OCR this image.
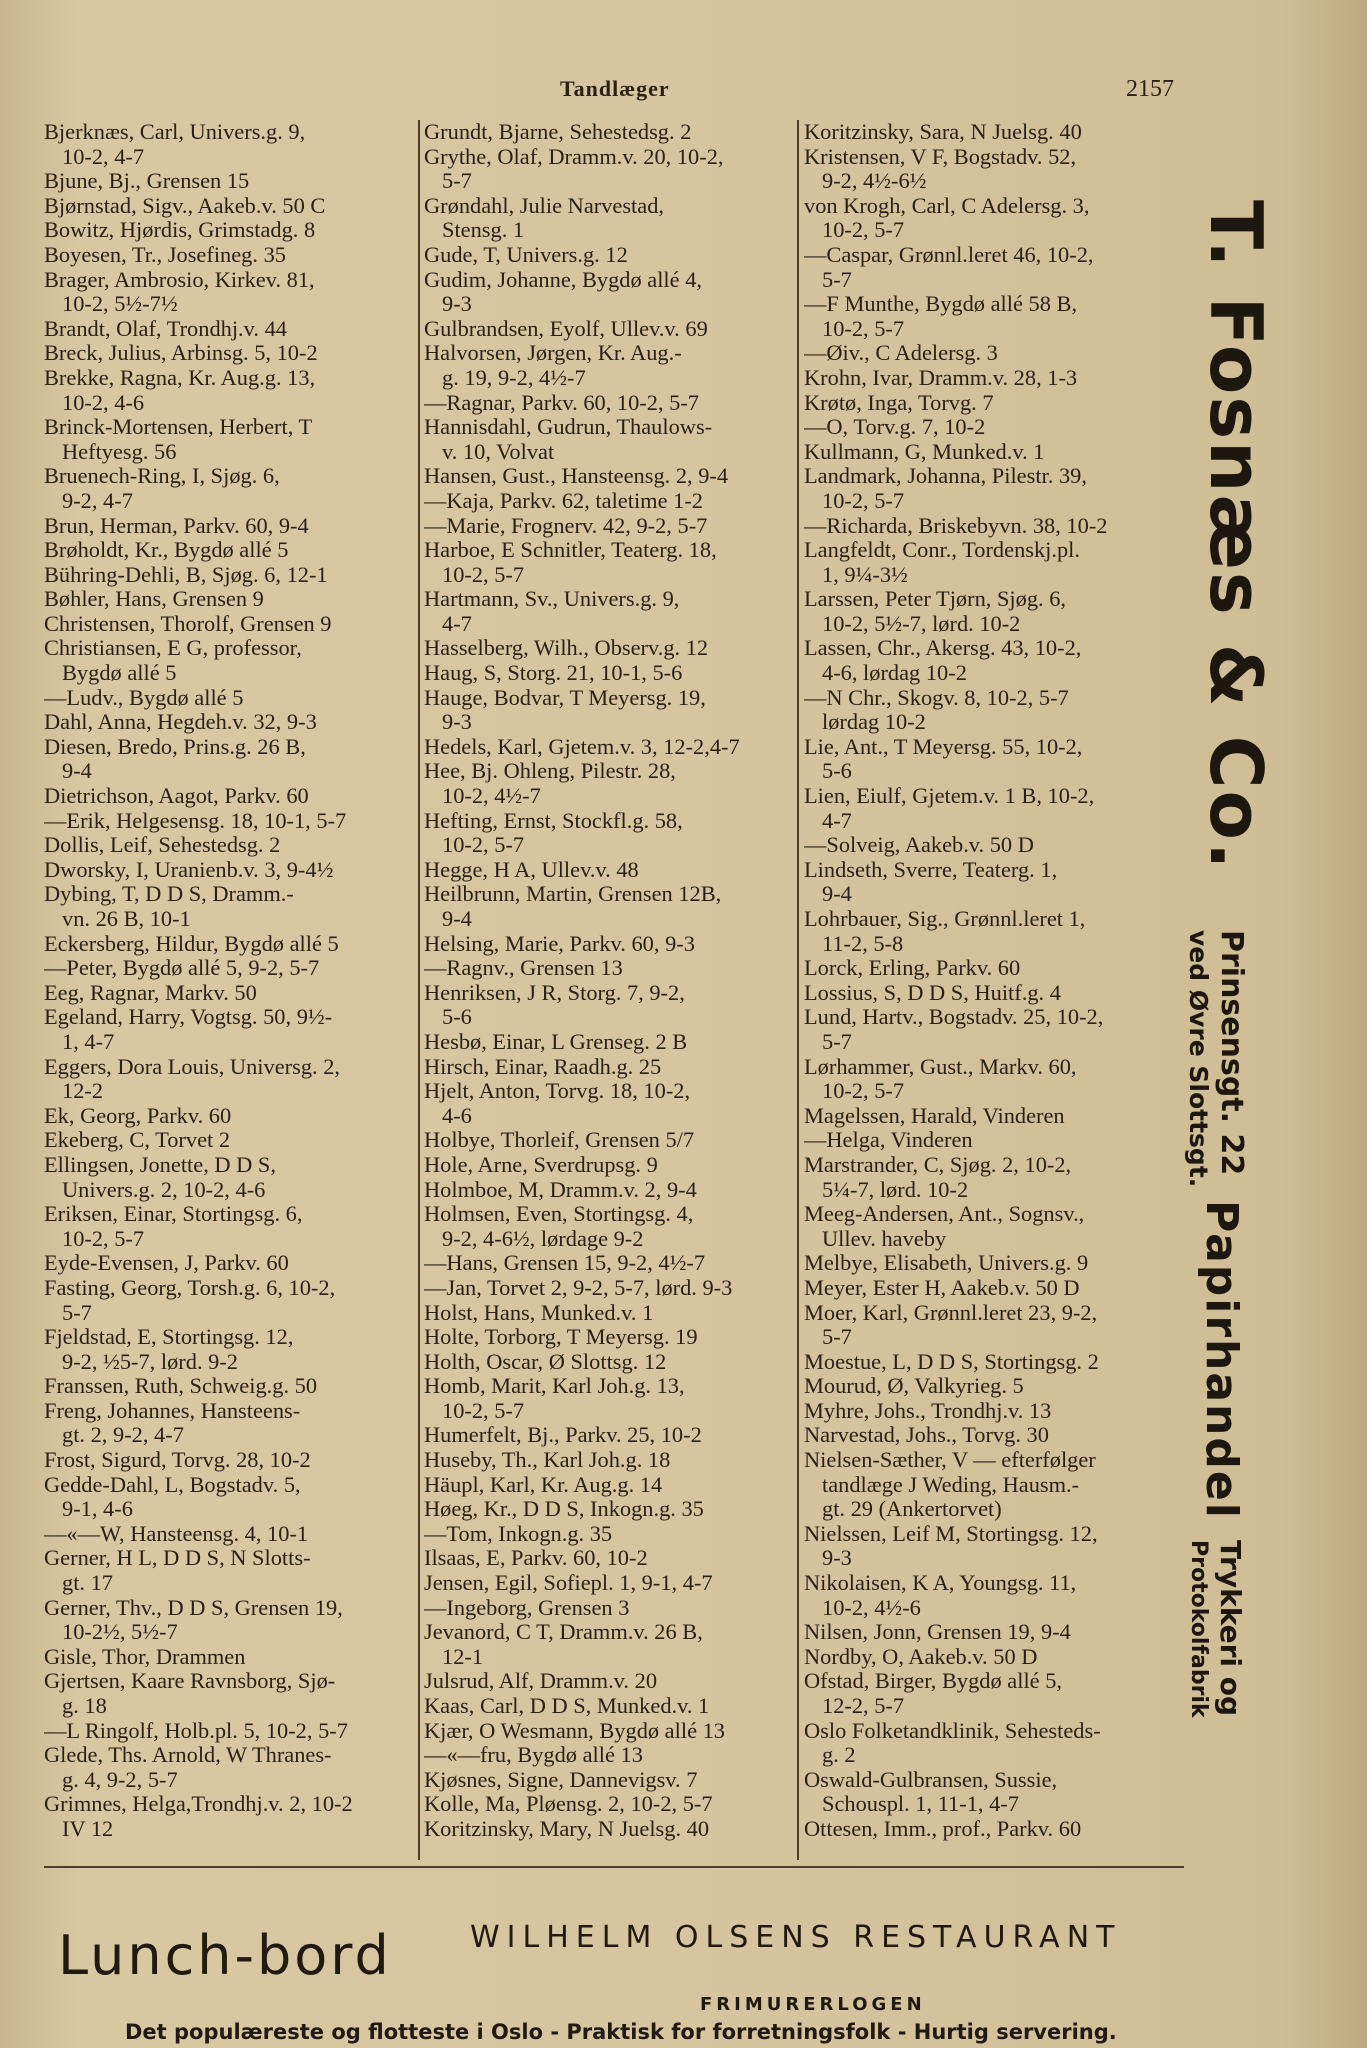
Tandlæger	2157
Bjerknæs, Carl, Univers.g. 9,
10-2, 4-7
Bjune, Bj., Grensen 15
Bjørnstad, Sigv., Aakeb.v. 50 C
Bowitz, Hjørdis, Grimstadg. 8
Boyesen, Tr., Josefineg. 35
Brager, Ambrosio, Kirkev. 81,
10-2, 5½-7½
Brandt, Olaf, Trondhj.v. 44
Breck, Julius, Arbinsg. 5, 10-2
Brekke, Ragna, Kr. Aug.g. 13,
10-2, 4-6
Brinck-Mortensen, Herbert, T
Heftyesg. 56
Bruenech-Ring, I, Sjøg. 6,
9-2, 4-7
Brun, Herman, Parkv. 60, 9-4
Brøholdt, Kr., Bygdø allé 5
Bühring-Dehli, B, Sjøg. 6, 12-1
Bøhler, Hans, Grensen 9
Christensen, Thorolf, Grensen 9
Christiansen, E G, professor,
Bygdø allé 5
—Ludv., Bygdø allé 5
Dahl, Anna, Hegdeh.v. 32, 9-3
Diesen, Bredo, Prins.g. 26 B,
9-4
Dietrichson, Aagot, Parkv. 60
—Erik, Helgesensg. 18, 10-1, 5-7
Dollis, Leif, Sehestedsg. 2
Dworsky, I, Uranienb.v. 3, 9-4½
Dybing, T, D D S, Dramm.-
vn. 26 B, 10-1
Eckersberg, Hildur, Bygdø allé 5
—Peter, Bygdø allé 5, 9-2, 5-7
Eeg, Ragnar, Markv. 50
Egeland, Harry, Vogtsg. 50, 9½-
1, 4-7
Eggers, Dora Louis, Universg. 2,
12-2
Ek, Georg, Parkv. 60
Ekeberg, C, Torvet 2
Ellingsen, Jonette, D D S,
Univers.g. 2, 10-2, 4-6
Eriksen, Einar, Stortingsg. 6,
10-2, 5-7
Eyde-Evensen, J, Parkv. 60
Fasting, Georg, Torsh.g. 6, 10-2,
5-7
Fjeldstad, E, Stortingsg. 12,
9-2, ½5-7, lørd. 9-2
Franssen, Ruth, Schweig.g. 50
Freng, Johannes, Hansteens-
gt. 2, 9-2, 4-7
Frost, Sigurd, Torvg. 28, 10-2
Gedde-Dahl, L, Bogstadv. 5,
9-1, 4-6
—«—W, Hansteensg. 4, 10-1
Gerner, H L, D D S, N Slotts-
gt. 17
Gerner, Thv., D D S, Grensen 19,
10-2½, 5½-7
Gisle, Thor, Drammen
Gjertsen, Kaare Ravnsborg, Sjø-
g. 18
—L Ringolf, Holb.pl. 5, 10-2, 5-7
Glede, Ths. Arnold, W Thranes-
g. 4, 9-2, 5-7
Grimnes, Helga,Trondhj.v. 2, 10-2
IV 12
Grundt, Bjarne, Sehestedsg. 2
Grythe, Olaf, Dramm.v. 20, 10-2,
5-7
Grøndahl, Julie Narvestad,
Stensg. 1
Gude, T, Univers.g. 12
Gudim, Johanne, Bygdø allé 4,
9-3
Gulbrandsen, Eyolf, Ullev.v. 69
Halvorsen, Jørgen, Kr. Aug.-
g. 19, 9-2, 4½-7
—Ragnar, Parkv. 60, 10-2, 5-7
Hannisdahl, Gudrun, Thaulows-
v. 10, Volvat
Hansen, Gust., Hansteensg. 2, 9-4
—Kaja, Parkv. 62, taletime 1-2
—Marie, Frognerv. 42, 9-2, 5-7
Harboe, E Schnitler, Teaterg. 18,
10-2, 5-7
Hartmann, Sv., Univers.g. 9,
4-7
Hasselberg, Wilh., Observ.g. 12
Haug, S, Storg. 21, 10-1, 5-6
Hauge, Bodvar, T Meyersg. 19,
9-3
Hedels, Karl, Gjetem.v. 3, 12-2,4-7
Hee, Bj. Ohleng, Pilestr. 28,
10-2, 4½-7
Hefting, Ernst, Stockfl.g. 58,
10-2, 5-7
Hegge, H A, Ullev.v. 48
Heilbrunn, Martin, Grensen 12B,
9-4
Helsing, Marie, Parkv. 60, 9-3
—Ragnv., Grensen 13
Henriksen, J R, Storg. 7, 9-2,
5-6
Hesbø, Einar, L Grenseg. 2 B
Hirsch, Einar, Raadh.g. 25
Hjelt, Anton, Torvg. 18, 10-2,
4-6
Holbye, Thorleif, Grensen 5/7
Hole, Arne, Sverdrupsg. 9
Holmboe, M, Dramm.v. 2, 9-4
Holmsen, Even, Stortingsg. 4,
9-2, 4-6½, lørdage 9-2
—Hans, Grensen 15, 9-2, 4½-7
—Jan, Torvet 2, 9-2, 5-7, lørd. 9-3
Holst, Hans, Munked.v. 1
Holte, Torborg, T Meyersg. 19
Holth, Oscar, Ø Slottsg. 12
Homb, Marit, Karl Joh.g. 13,
10-2, 5-7
Humerfelt, Bj., Parkv. 25, 10-2
Huseby, Th., Karl Joh.g. 18
Häupl, Karl, Kr. Aug.g. 14
Høeg, Kr., D D S, Inkogn.g. 35
—Tom, Inkogn.g. 35
Ilsaas, E, Parkv. 60, 10-2
Jensen, Egil, Sofiepl. 1, 9-1, 4-7
—Ingeborg, Grensen 3
Jevanord, C T, Dramm.v. 26 B,
12-1
Julsrud, Alf, Dramm.v. 20
Kaas, Carl, D D S, Munked.v. 1
Kjær, O Wesmann, Bygdø allé 13
—«—fru, Bygdø allé 13
Kjøsnes, Signe, Dannevigsv. 7
Kolle, Ma, Pløensg. 2, 10-2, 5-7
Koritzinsky, Mary, N Juelsg. 40
Koritzinsky, Sara, N Juelsg. 40
Kristensen, V F, Bogstadv. 52,
9-2, 4½-6½
von Krogh, Carl, C Adelersg. 3,
10-2, 5-7
—Caspar, Grønnl.leret 46, 10-2,
5-7
—F Munthe, Bygdø allé 58 B,
10-2, 5-7
—Øiv., C Adelersg. 3
Krohn, Ivar, Dramm.v. 28, 1-3
Krøtø, Inga, Torvg. 7
—O, Torv.g. 7, 10-2
Kullmann, G, Munked.v. 1
Landmark, Johanna, Pilestr. 39,
10-2, 5-7
—Richarda, Briskebyvn. 38, 10-2
Langfeldt, Conr., Tordenskj.pl.
1, 9¼-3½
Larssen, Peter Tjørn, Sjøg. 6,
10-2, 5½-7, lørd. 10-2
Lassen, Chr., Akersg. 43, 10-2,
4-6, lørdag 10-2
—N Chr., Skogv. 8, 10-2, 5-7
lørdag 10-2
Lie, Ant., T Meyersg. 55, 10-2,
5-6
Lien, Eiulf, Gjetem.v. 1 B, 10-2,
4-7
—Solveig, Aakeb.v. 50 D
Lindseth, Sverre, Teaterg. 1,
9-4
Lohrbauer, Sig., Grønnl.leret 1,
11-2, 5-8
Lorck, Erling, Parkv. 60
Lossius, S, D D S, Huitf.g. 4
Lund, Hartv., Bogstadv. 25, 10-2,
5-7
Lørhammer, Gust., Markv. 60,
10-2, 5-7
Magelssen, Harald, Vinderen
—Helga, Vinderen
Marstrander, C, Sjøg. 2, 10-2,
5¼-7, lørd. 10-2
Meeg-Andersen, Ant., Sognsv.,
Ullev. haveby
Melbye, Elisabeth, Univers.g. 9
Meyer, Ester H, Aakeb.v. 50 D
Moer, Karl, Grønnl.leret 23, 9-2,
5-7
Moestue, L, D D S, Stortingsg. 2
Mourud, Ø, Valkyrieg. 5
Myhre, Johs., Trondhj.v. 13
Narvestad, Johs., Torvg. 30
Nielsen-Sæther, V — efterfølger
tandlæge J Weding, Hausm.-
gt. 29 (Ankertorvet)
Nielssen, Leif M, Stortingsg. 12,
9-3
Nikolaisen, K A, Youngsg. 11,
10-2, 4½-6
Nilsen, Jonn, Grensen 19, 9-4
Nordby, O, Aakeb.v. 50 D
Ofstad, Birger, Bygdø allé 5,
12-2, 5-7
Oslo Folketandklinik, Sehesteds-
g. 2
Oswald-Gulbransen, Sussie,
Schouspl. 1, 11-1, 4-7
Ottesen, Imm., prof., Parkv. 60
T. Fosnæs & Co.
Prinsensgt. 22
ved Øvre Slottsgt.
Papirhandel
Trykkeri og
Protokolfabrik
Lunch-bord	WILHELM OLSENS RESTAURANT
FRIMURERLOGEN
Det populæreste og flotteste i Oslo - Praktisk for forretningsfolk - Hurtig servering.
